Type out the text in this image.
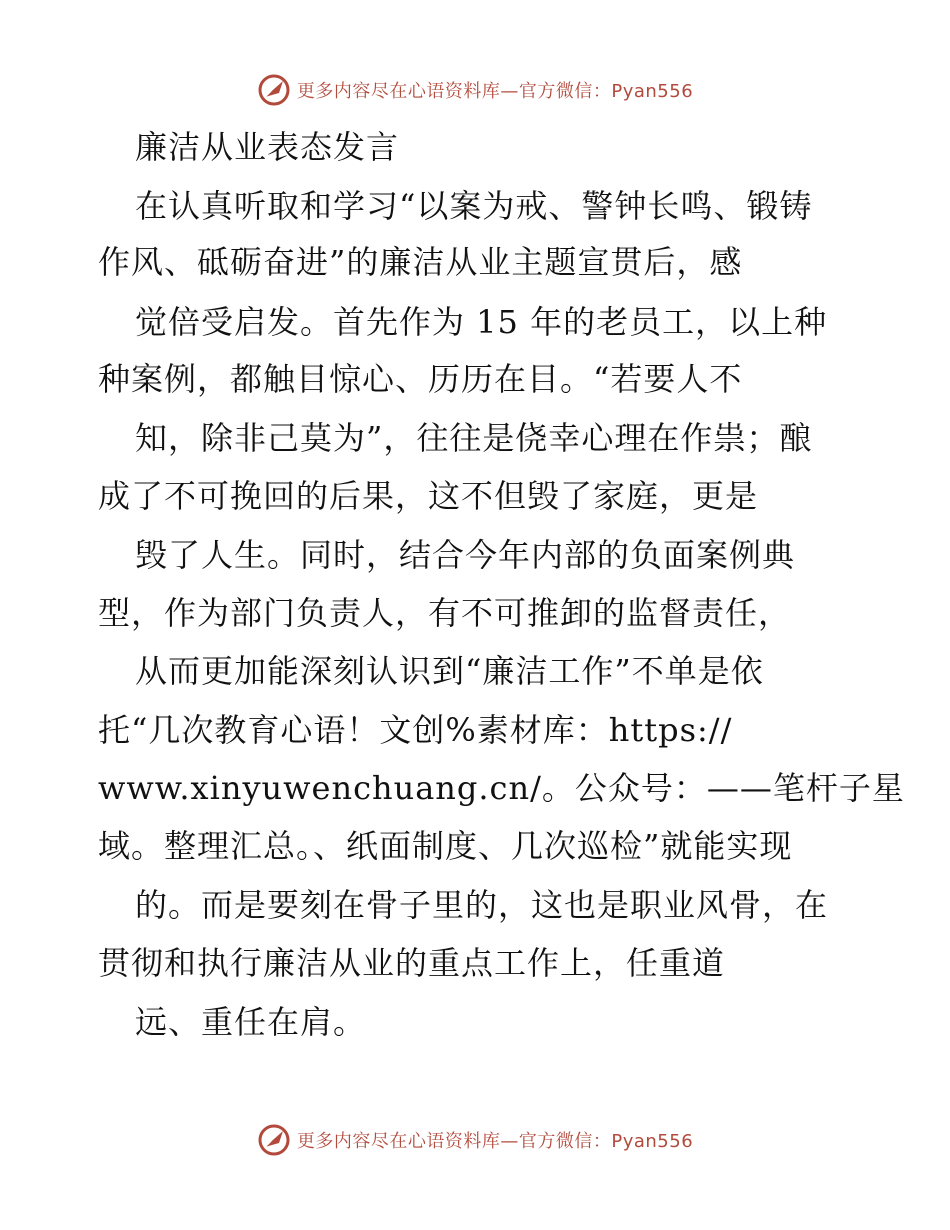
更多内容尽在心语资料库—官方微信：Pyan556
廉洁从业表态发言
在认真听取和学习“以案为戒、警钟长鸣、锻铸
作风、砥砺奋进”的廉洁从业主题宣贯后，感
觉倍受启发。首先作为 15 年的老员工，以上种
种案例，都触目惊心、历历在目。“若要人不
知，除非己莫为”，往往是侥幸心理在作祟；酿
成了不可挽回的后果，这不但毁了家庭，更是
毁了人生。同时，结合今年内部的负面案例典
型，作为部门负责人，有不可推卸的监督责任，
从而更加能深刻认识到“廉洁工作”不单是依
托“几次教育心语！文创%素材库：https://
www.xinyuwenchuang.cn/。公众号：——笔杆子星
域。整理汇总。、纸面制度、几次巡检”就能实现
的。而是要刻在骨子里的，这也是职业风骨，在
贯彻和执行廉洁从业的重点工作上，任重道
远、重任在肩。
更多内容尽在心语资料库—官方微信：Pyan556
